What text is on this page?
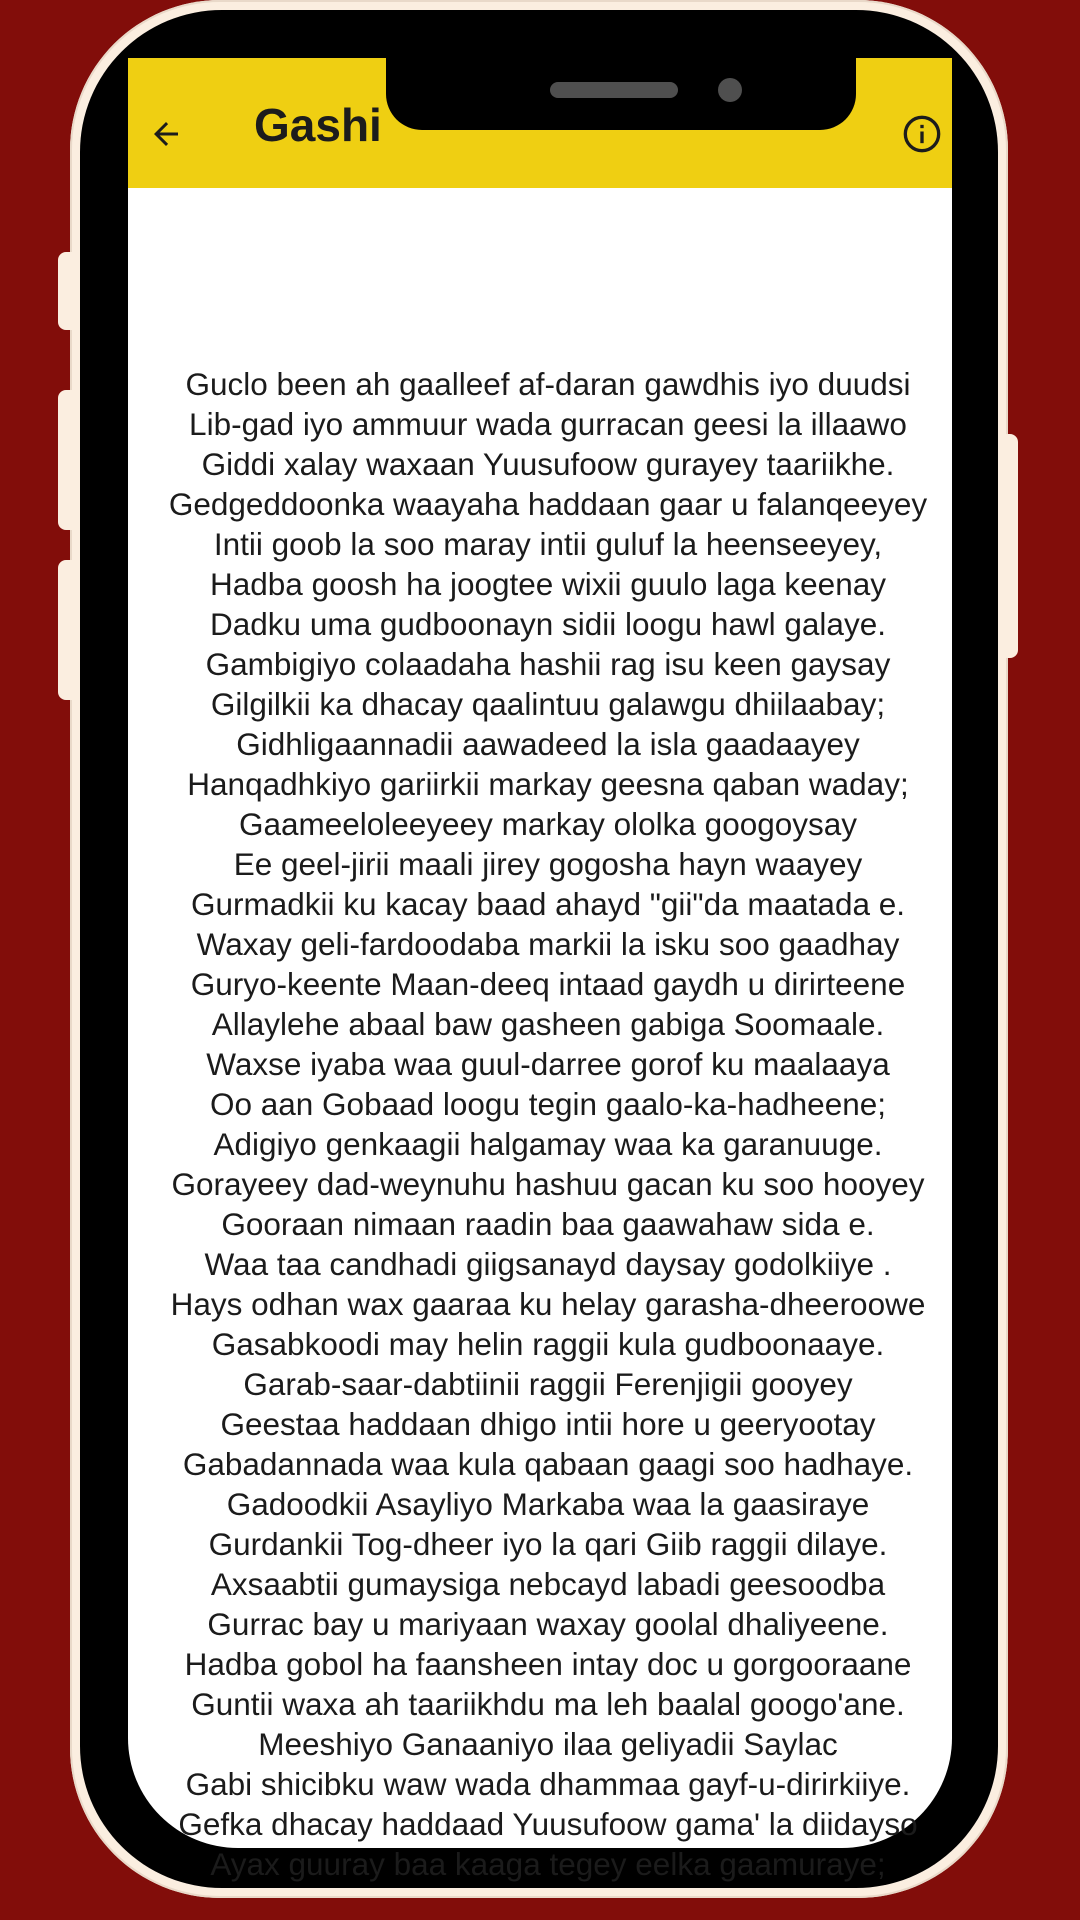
Gashi
Guclo been ah gaalleef af-daran gawdhis iyo duudsi
Lib-gad iyo ammuur wada gurracan geesi la illaawo
Giddi xalay waxaan Yuusufoow gurayey taariikhe.
Gedgeddoonka waayaha haddaan gaar u falanqeeyey
Intii goob la soo maray intii guluf la heenseeyey,
Hadba goosh ha joogtee wixii guulo laga keenay
Dadku uma gudboonayn sidii loogu hawl galaye.
Gambigiyo colaadaha hashii rag isu keen gaysay
Gilgilkii ka dhacay qaalintuu galawgu dhiilaabay;
Gidhligaannadii aawadeed la isla gaadaayey
Hanqadhkiyo gariirkii markay geesna qaban waday;
Gaameeloleeyeey markay ololka googoysay
Ee geel-jirii maali jirey gogosha hayn waayey
Gurmadkii ku kacay baad ahayd "gii"da maatada e.
Waxay geli-fardoodaba markii la isku soo gaadhay
Guryo-keente Maan-deeq intaad gaydh u dirirteene
Allaylehe abaal baw gasheen gabiga Soomaale.
Waxse iyaba waa guul-darree gorof ku maalaaya
Oo aan Gobaad loogu tegin gaalo-ka-hadheene;
Adigiyo genkaagii halgamay waa ka garanuuge.
Gorayeey dad-weynuhu hashuu gacan ku soo hooyey
Gooraan nimaan raadin baa gaawahaw sida e.
Waa taa candhadi giigsanayd daysay godolkiiye .
Hays odhan wax gaaraa ku helay garasha-dheeroowe
Gasabkoodi may helin raggii kula gudboonaaye.
Garab-saar-dabtiinii raggii Ferenjigii gooyey
Geestaa haddaan dhigo intii hore u geeryootay
Gabadannada waa kula qabaan gaagi soo hadhaye.
Gadoodkii Asayliyo Markaba waa la gaasiraye
Gurdankii Tog-dheer iyo la qari Giib raggii dilaye.
Axsaabtii gumaysiga nebcayd labadi geesoodba
Gurrac bay u mariyaan waxay goolal dhaliyeene.
Hadba gobol ha faansheen intay doc u gorgooraane
Guntii waxa ah taariikhdu ma leh baalal googo'ane.
Meeshiyo Ganaaniyo ilaa geliyadii Saylac
Gabi shicibku waw wada dhammaa gayf-u-dirirkiiye.
Gefka dhacay haddaad Yuusufoow gama' la diidayso
Ayax guuray baa kaaga tegey eelka gaamuraye;
